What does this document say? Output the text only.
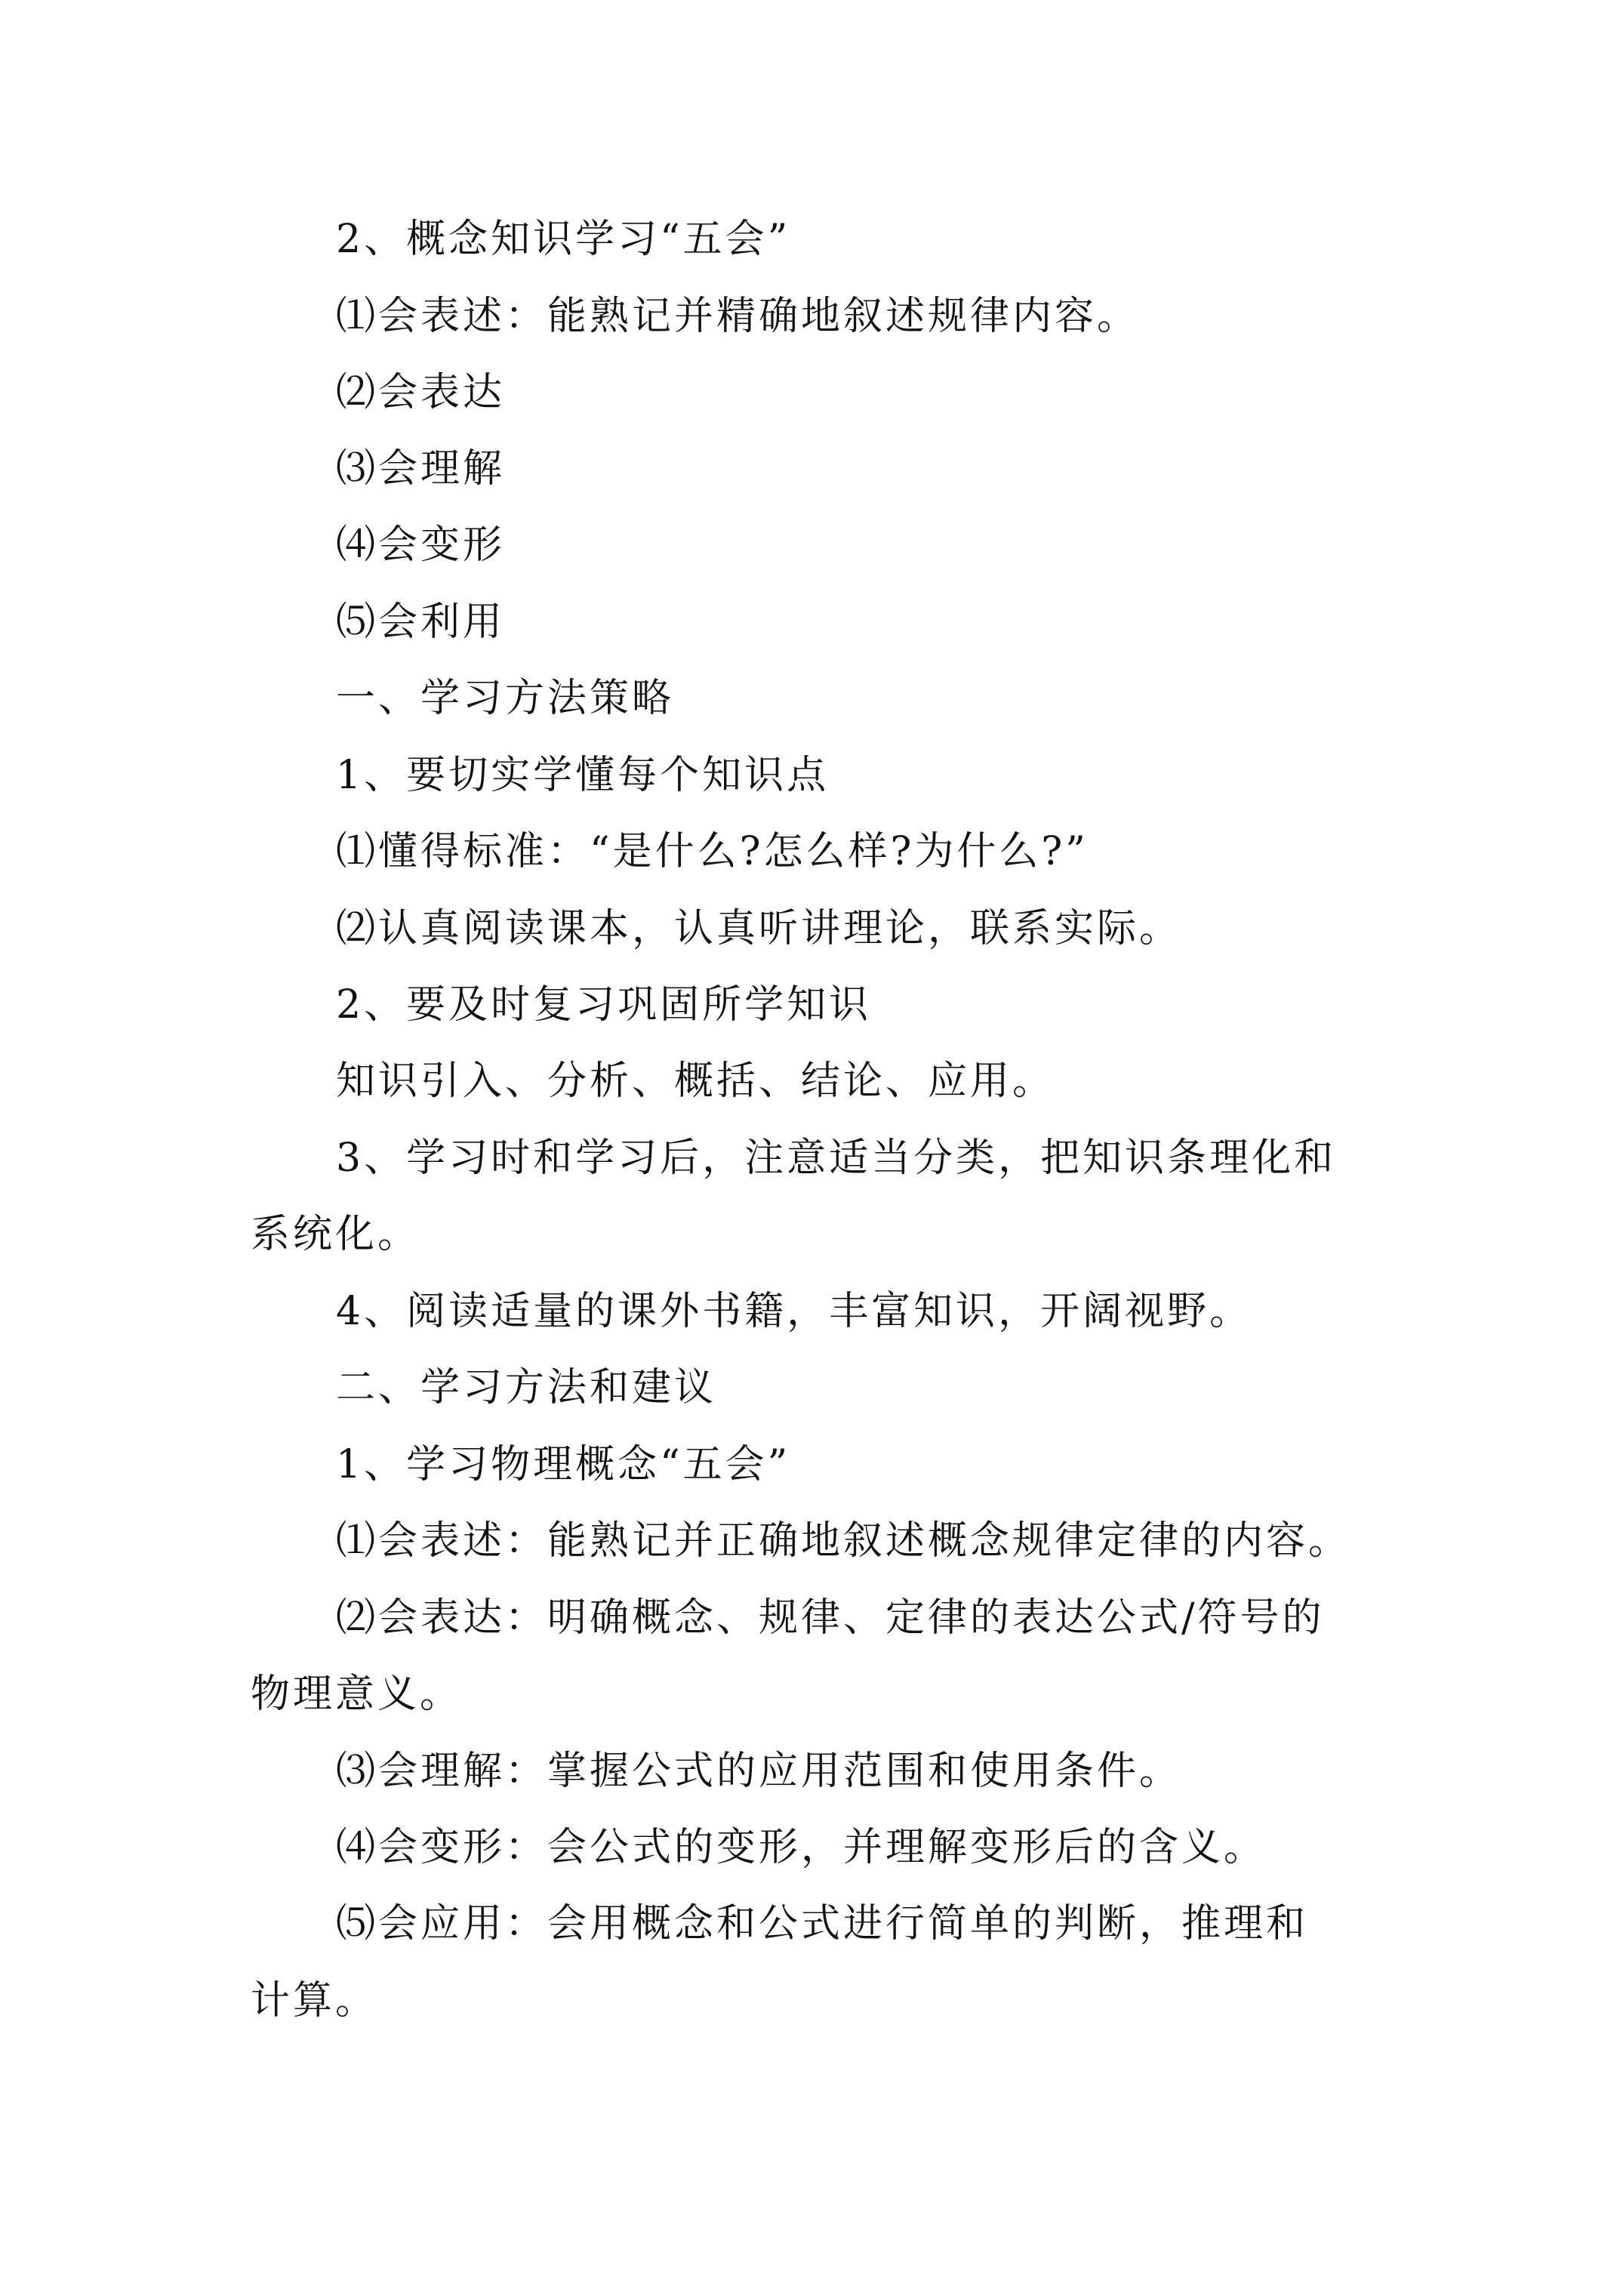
2、概念知识学习“五会”
⑴会表述：能熟记并精确地叙述规律内容。
⑵会表达
⑶会理解
⑷会变形
⑸会利用
一、学习方法策略
1、要切实学懂每个知识点
⑴懂得标准：“是什么?怎么样?为什么?”
⑵认真阅读课本，认真听讲理论，联系实际。
2、要及时复习巩固所学知识
知识引入、分析、概括、结论、应用。
3、学习时和学习后，注意适当分类，把知识条理化和
系统化。
4、阅读适量的课外书籍，丰富知识，开阔视野。
二、学习方法和建议
1、学习物理概念“五会”
⑴会表述：能熟记并正确地叙述概念规律定律的内容。
⑵会表达：明确概念、规律、定律的表达公式/符号的
物理意义。
⑶会理解：掌握公式的应用范围和使用条件。
⑷会变形：会公式的变形，并理解变形后的含义。
⑸会应用：会用概念和公式进行简单的判断，推理和
计算。
